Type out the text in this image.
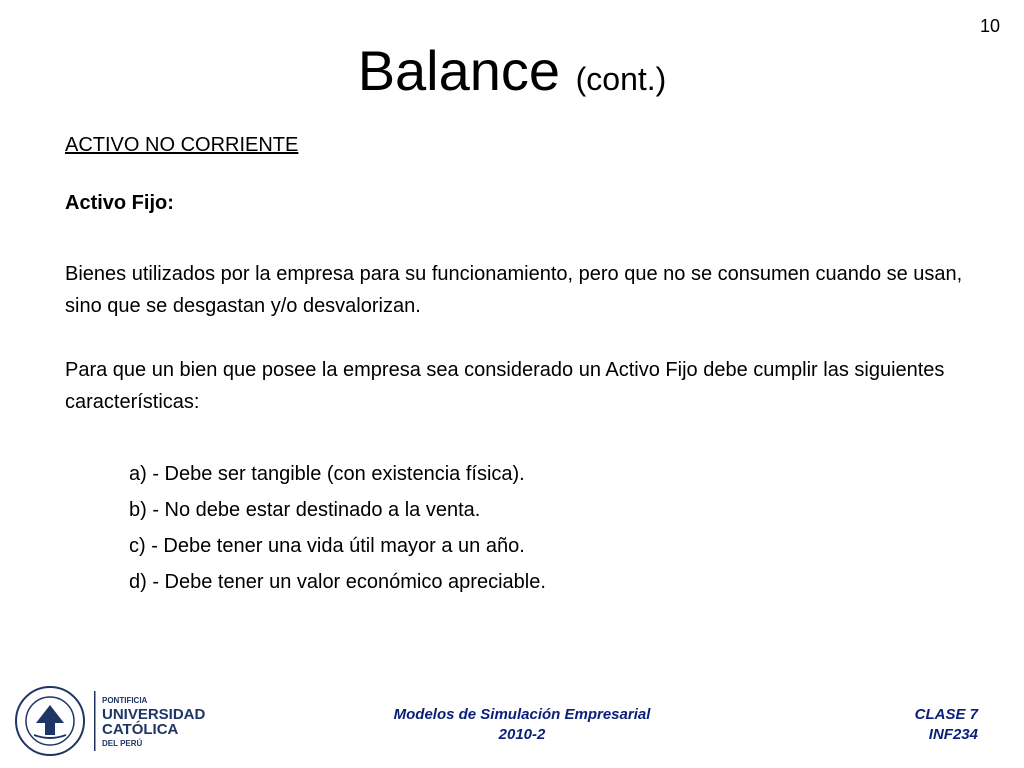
10
Balance (cont.)
ACTIVO NO CORRIENTE
Activo Fijo:
Bienes utilizados por la empresa para su funcionamiento, pero que no se consumen cuando se usan, sino que se desgastan y/o desvalorizan.
Para que un bien que posee la empresa sea considerado un Activo Fijo debe cumplir las siguientes características:
a) - Debe ser tangible (con existencia física).
b) - No debe estar destinado a la venta.
c) - Debe tener una vida útil mayor a un año.
d) - Debe tener un valor económico apreciable.
PONTIFICIA
UNIVERSIDAD
CATÓLICA
DEL PERÚ
Modelos de Simulación Empresarial
2010-2
CLASE 7
INF234
